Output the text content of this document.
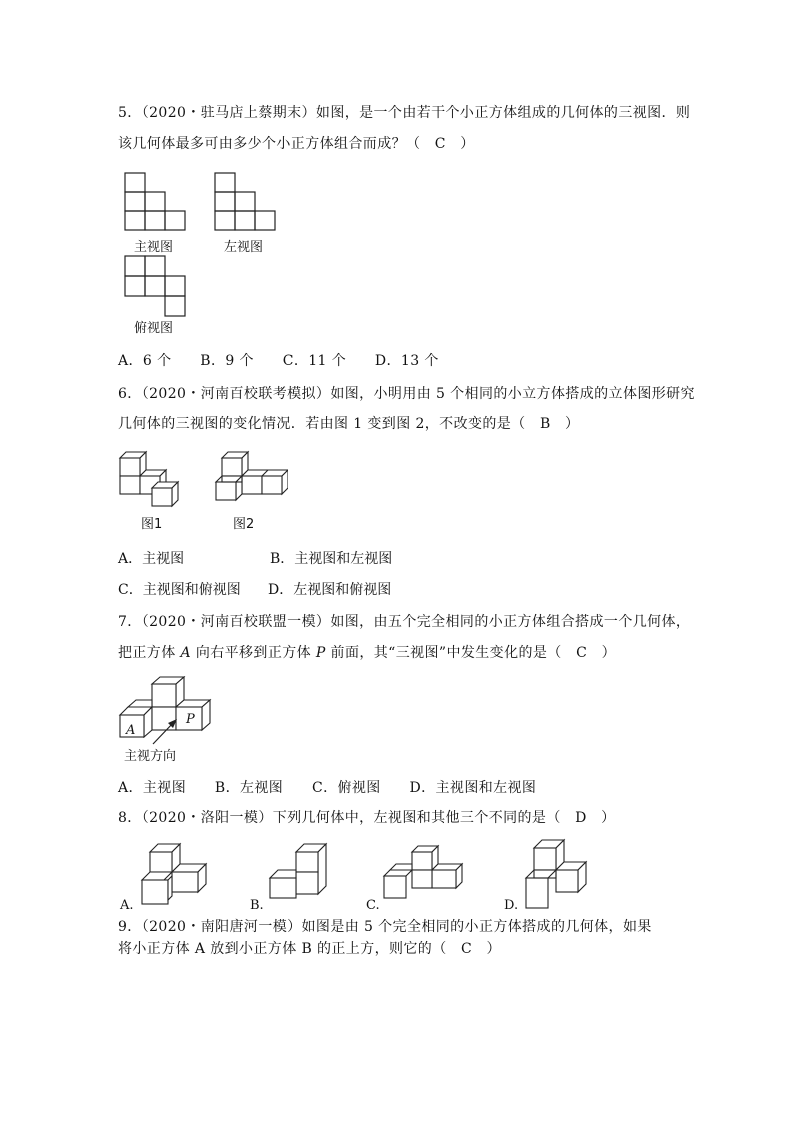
5．（2020・驻马店上蔡期末）如图，是一个由若干个小正方体组成的几何体的三视图．则
该几何体最多可由多少个小正方体组合而成？（　C　）
主视图	左视图
俯视图
A．6 个　　B．9 个　　C．11 个　　D．13 个
6．（2020・河南百校联考模拟）如图，小明用由 5 个相同的小立方体搭成的立体图形研究
几何体的三视图的变化情况．若由图 1 变到图 2，不改变的是（　B　）
图1	图2
A．主视图	B．主视图和左视图
C．主视图和俯视图 D．左视图和俯视图
7．（2020・河南百校联盟一模）如图，由五个完全相同的小正方体组合搭成一个几何体，
把正方体 A 向右平移到正方体 P 前面，其“三视图”中发生变化的是（　C　）
A
P
主视方向
A．主视图　　B．左视图　　C．俯视图　　D．主视图和左视图
8．（2020・洛阳一模）下列几何体中，左视图和其他三个不同的是（　D　）
A.	B.	C.	D.
9．（2020・南阳唐河一模）如图是由 5 个完全相同的小正方体搭成的几何体，如果
将小正方体 A 放到小正方体 B 的正上方，则它的（　C　）
